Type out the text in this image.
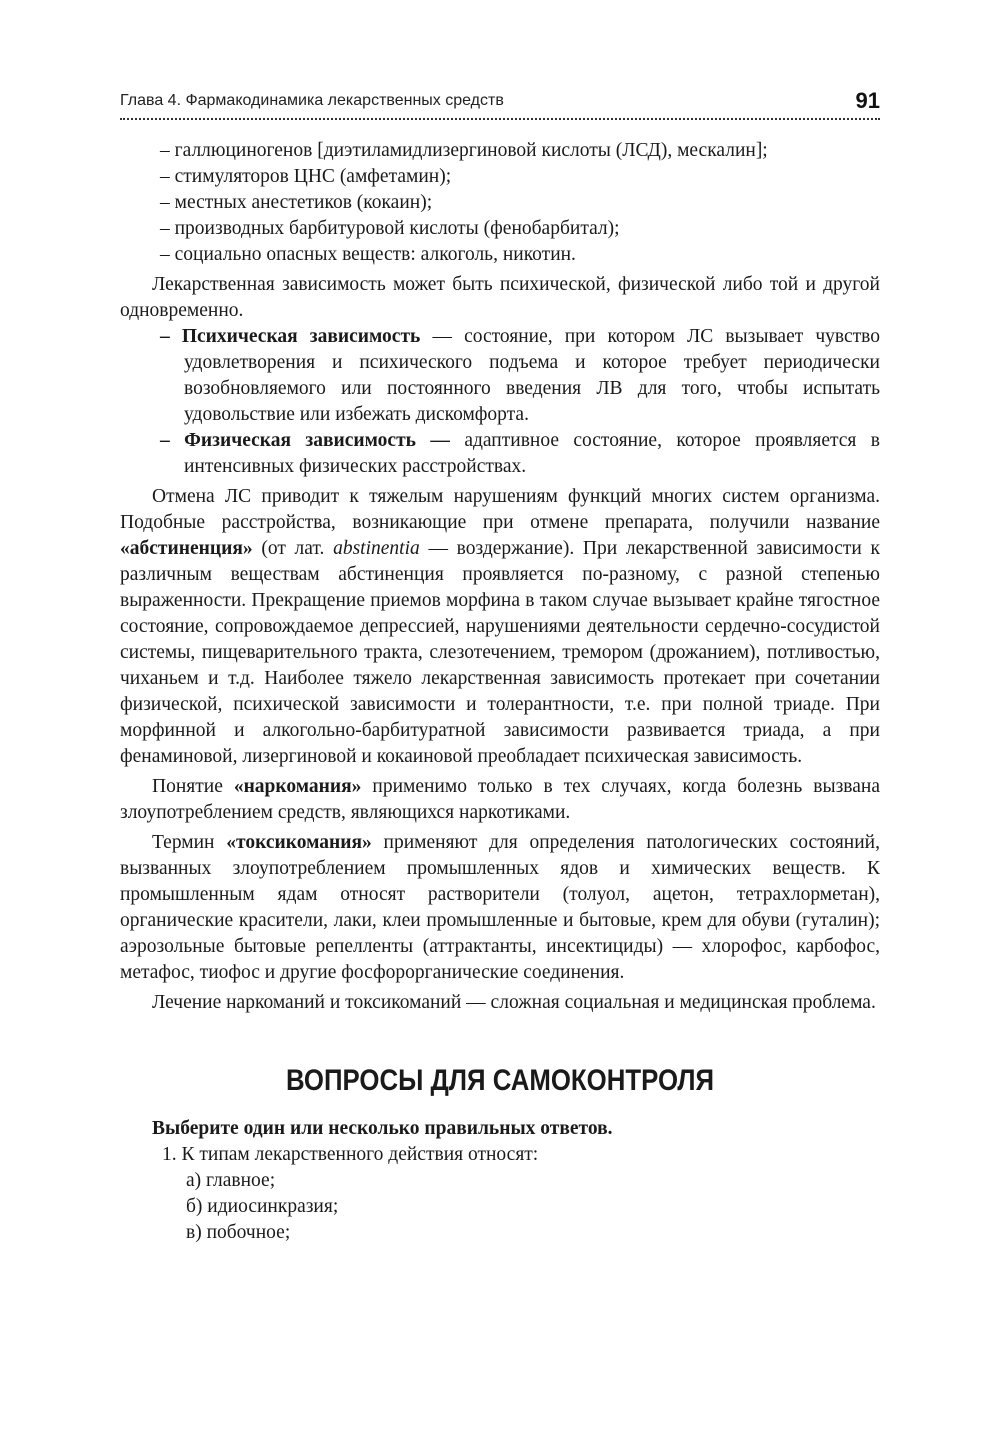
Глава 4. Фармакодинамика лекарственных средств	91

– галлюциногенов [диэтиламидлизергиновой кислоты (ЛСД), мескалин];

– стимуляторов ЦНС (амфетамин);

– местных анестетиков (кокаин);

– производных барбитуровой кислоты (фенобарбитал);

– социально опасных веществ: алкоголь, никотин.

Лекарственная зависимость может быть психической, физической либо той и другой одновременно.

– Психическая зависимость — состояние, при котором ЛС вызывает чувство удовлетворения и психического подъема и которое требует периодически возобновляемого или постоянного введения ЛВ для того, чтобы испытать удовольствие или избежать дискомфорта.

– Физическая зависимость — адаптивное состояние, которое проявляется в интенсивных физических расстройствах.

Отмена ЛС приводит к тяжелым нарушениям функций многих систем организма. Подобные расстройства, возникающие при отмене препарата, получили название «абстиненция» (от лат. abstinentia — воздержание). При лекарственной зависимости к различным веществам абстиненция проявляется по-разному, с разной степенью выраженности. Прекращение приемов морфина в таком случае вызывает крайне тягостное состояние, сопровождаемое депрессией, нарушениями деятельности сердечно-сосудистой системы, пищеварительного тракта, слезотечением, тремором (дрожанием), потливостью, чиханьем и т.д. Наиболее тяжело лекарственная зависимость протекает при сочетании физической, психической зависимости и толерантности, т.е. при полной триаде. При морфинной и алкогольно-барбитуратной зависимости развивается триада, а при фенаминовой, лизергиновой и кокаиновой преобладает психическая зависимость.

Понятие «наркомания» применимо только в тех случаях, когда болезнь вызвана злоупотреблением средств, являющихся наркотиками.

Термин «токсикомания» применяют для определения патологических состояний, вызванных злоупотреблением промышленных ядов и химических веществ. К промышленным ядам относят растворители (толуол, ацетон, тетрахлорметан), органические красители, лаки, клеи промышленные и бытовые, крем для обуви (гуталин); аэрозольные бытовые репелленты (аттрактанты, инсектициды) — хлорофос, карбофос, метафос, тиофос и другие фосфорорганические соединения.

Лечение наркоманий и токсикоманий — сложная социальная и медицинская проблема.

ВОПРОСЫ ДЛЯ САМОКОНТРОЛЯ

Выберите один или несколько правильных ответов.

1. К типам лекарственного действия относят:

а) главное;

б) идиосинкразия;

в) побочное;
